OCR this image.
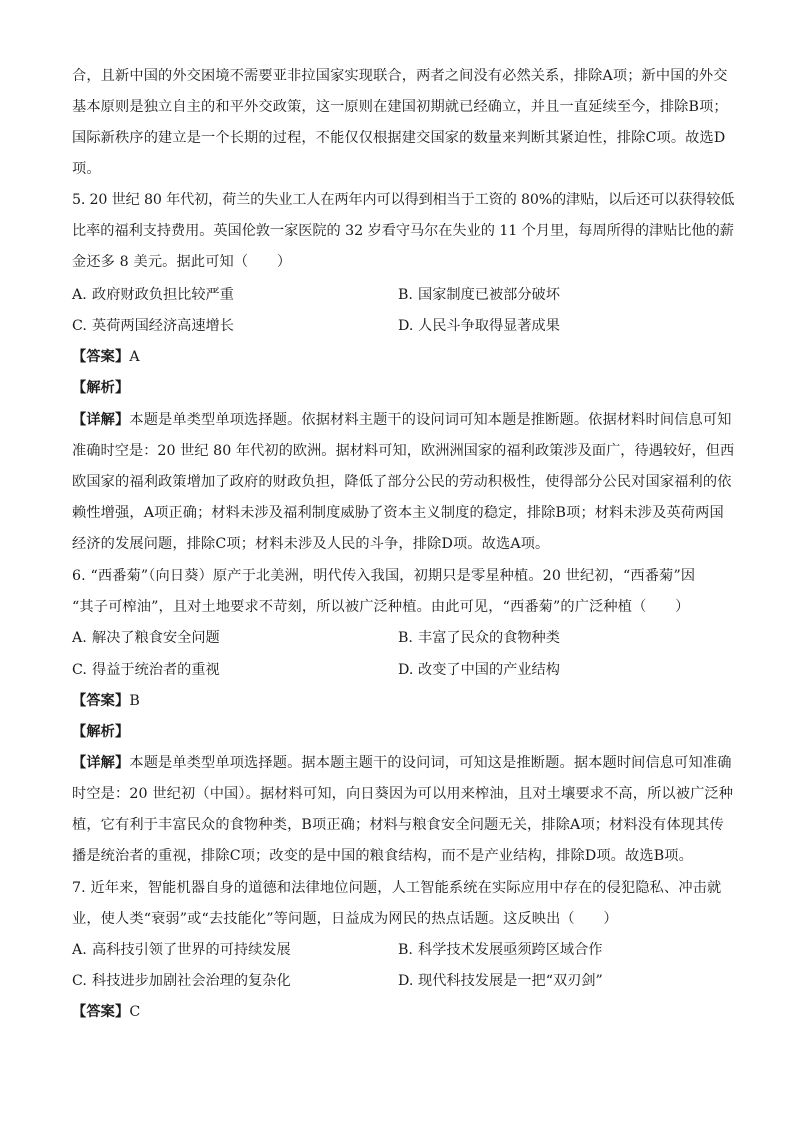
合，且新中国的外交困境不需要亚非拉国家实现联合，两者之间没有必然关系，排除A项；新中国的外交
基本原则是独立自主的和平外交政策，这一原则在建国初期就已经确立，并且一直延续至今，排除B项；
国际新秩序的建立是一个长期的过程，不能仅仅根据建交国家的数量来判断其紧迫性，排除C项。故选D
项。
5. 20 世纪 80 年代初，荷兰的失业工人在两年内可以得到相当于工资的 80%的津贴，以后还可以获得较低
比率的福利支持费用。英国伦敦一家医院的 32 岁看守马尔在失业的 11 个月里，每周所得的津贴比他的薪
金还多 8 美元。据此可知（　　）
A. 政府财政负担比较严重	B. 国家制度已被部分破坏
C. 英荷两国经济高速增长	D. 人民斗争取得显著成果
【答案】A
【解析】
【详解】本题是单类型单项选择题。依据材料主题干的设问词可知本题是推断题。依据材料时间信息可知
准确时空是：20 世纪 80 年代初的欧洲。据材料可知，欧洲洲国家的福利政策涉及面广，待遇较好，但西
欧国家的福利政策增加了政府的财政负担，降低了部分公民的劳动积极性，使得部分公民对国家福利的依
赖性增强，A项正确；材料未涉及福利制度威胁了资本主义制度的稳定，排除B项；材料未涉及英荷两国
经济的发展问题，排除C项；材料未涉及人民的斗争，排除D项。故选A项。
6. “西番菊”（向日葵）原产于北美洲，明代传入我国，初期只是零星种植。20 世纪初，“西番菊”因
“其子可榨油”，且对土地要求不苛刻，所以被广泛种植。由此可见，“西番菊”的广泛种植（　　）
A. 解决了粮食安全问题	B. 丰富了民众的食物种类
C. 得益于统治者的重视	D. 改变了中国的产业结构
【答案】B
【解析】
【详解】本题是单类型单项选择题。据本题主题干的设问词，可知这是推断题。据本题时间信息可知准确
时空是：20 世纪初（中国）。据材料可知，向日葵因为可以用来榨油，且对土壤要求不高，所以被广泛种
植，它有利于丰富民众的食物种类，B项正确；材料与粮食安全问题无关，排除A项；材料没有体现其传
播是统治者的重视，排除C项；改变的是中国的粮食结构，而不是产业结构，排除D项。故选B项。
7. 近年来，智能机器自身的道德和法律地位问题，人工智能系统在实际应用中存在的侵犯隐私、冲击就
业，使人类“衰弱”或“去技能化”等问题，日益成为网民的热点话题。这反映出（　　）
A. 高科技引领了世界的可持续发展	B. 科学技术发展亟须跨区域合作
C. 科技进步加剧社会治理的复杂化	D. 现代科技发展是一把“双刃剑”
【答案】C
